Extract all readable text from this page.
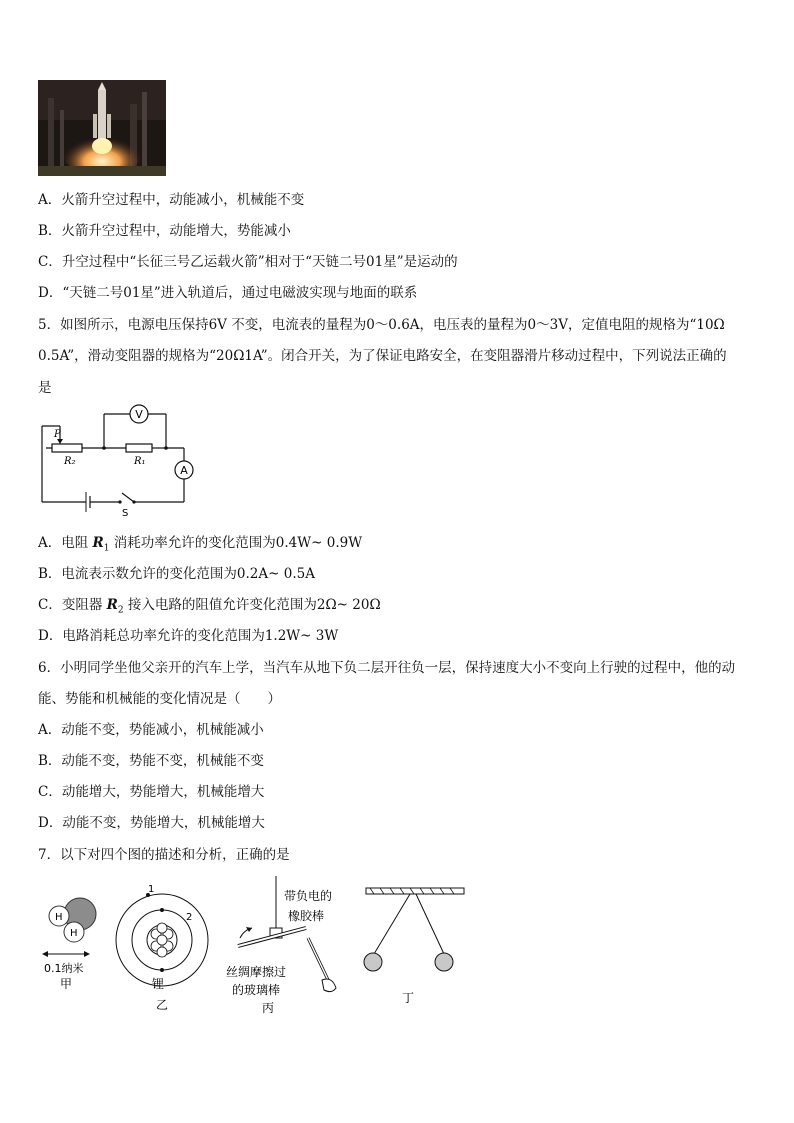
A．火箭升空过程中，动能减小，机械能不变
B．火箭升空过程中，动能增大，势能减小
C．升空过程中“长征三号乙运载火箭”相对于“天链二号01星”是运动的
D．“天链二号01星”进入轨道后，通过电磁波实现与地面的联系
5．如图所示，电源电压保持6V 不变，电流表的量程为0～0.6A，电压表的量程为0～3V，定值电阻的规格为“10Ω
0.5A”，滑动变阻器的规格为“20Ω1A”。闭合开关，为了保证电路安全，在变阻器滑片移动过程中，下列说法正确的
是
V
A
P
R₂	R₁
S
A．电阻 $R_1$ 消耗功率允许的变化范围为0.4W~ 0.9W
B．电流表示数允许的变化范围为0.2A~ 0.5A
C．变阻器 $R_2$ 接入电路的阻值允许变化范围为2Ω~ 20Ω
D．电路消耗总功率允许的变化范围为1.2W~ 3W
6．小明同学坐他父亲开的汽车上学，当汽车从地下负二层开往负一层，保持速度大小不变向上行驶的过程中，他的动
能、势能和机械能的变化情况是（　　）
A．动能不变，势能减小，机械能减小
B．动能不变，势能不变，机械能不变
C．动能增大，势能增大，机械能增大
D．动能不变，势能增大，机械能增大
7．以下对四个图的描述和分析，正确的是
H
H
0.1纳米
甲
1
2
锂
乙
带负电的
橡胶棒
丝绸摩擦过
的玻璃棒
丙
丁
